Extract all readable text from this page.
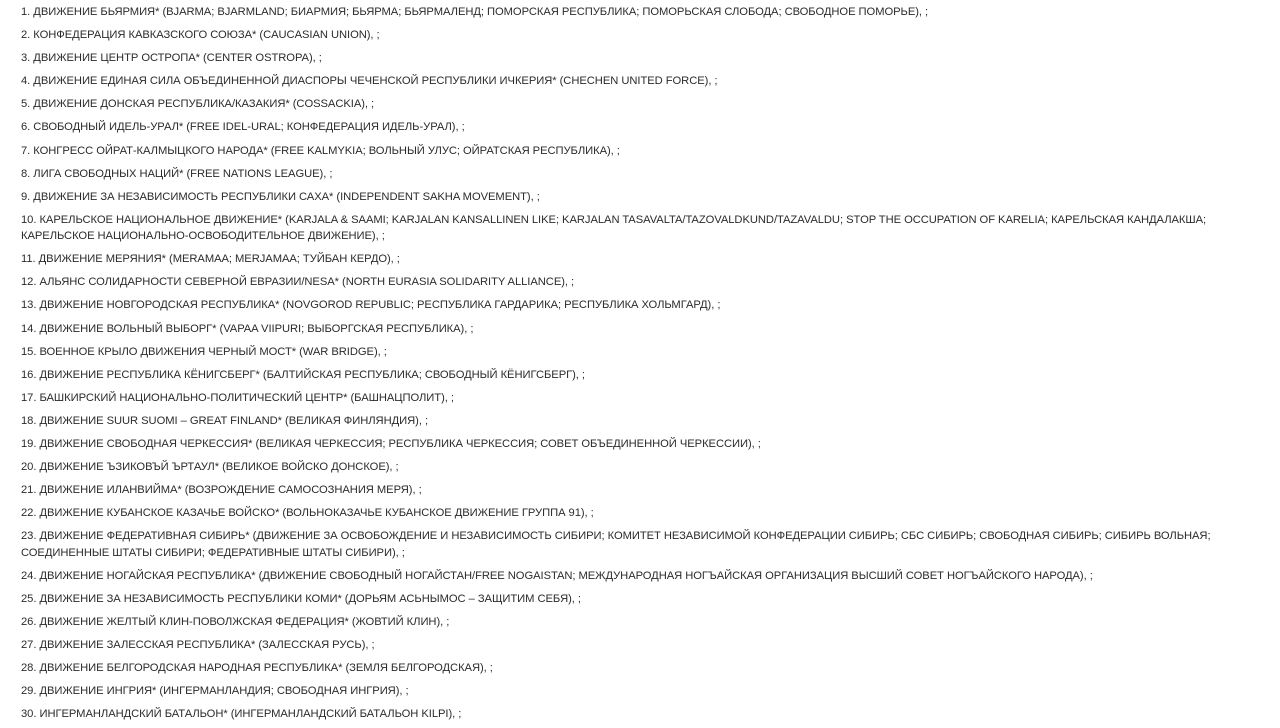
1. ДВИЖЕНИЕ БЬЯРМИЯ* (BJARMA; BJARMLAND; БИАРМИЯ; БЬЯРМА; БЬЯРМАЛЕНД; ПОМОРСКАЯ РЕСПУБЛИКА; ПОМОРЬСКАЯ СЛОБОДА; СВОБОДНОЕ ПОМОРЬЕ), ;
2. КОНФЕДЕРАЦИЯ КАВКАЗСКОГО СОЮЗА* (CAUCASIAN UNION), ;
3. ДВИЖЕНИЕ ЦЕНТР ОСТРОПА* (CENTER OSTROPA), ;
4. ДВИЖЕНИЕ ЕДИНАЯ СИЛА ОБЪЕДИНЕННОЙ ДИАСПОРЫ ЧЕЧЕНСКОЙ РЕСПУБЛИКИ ИЧКЕРИЯ* (CHECHEN UNITED FORCE), ;
5. ДВИЖЕНИЕ ДОНСКАЯ РЕСПУБЛИКА/КАЗАКИЯ* (COSSACKIA), ;
6. СВОБОДНЫЙ ИДЕЛЬ-УРАЛ* (FREE IDEL-URAL; КОНФЕДЕРАЦИЯ ИДЕЛЬ-УРАЛ), ;
7. КОНГРЕСС ОЙРАТ-КАЛМЫЦКОГО НАРОДА* (FREE KALMYKIA; ВОЛЬНЫЙ УЛУС; ОЙРАТСКАЯ РЕСПУБЛИКА), ;
8. ЛИГА СВОБОДНЫХ НАЦИЙ* (FREE NATIONS LEAGUE), ;
9. ДВИЖЕНИЕ ЗА НЕЗАВИСИМОСТЬ РЕСПУБЛИКИ САХА* (INDEPENDENT SAKHA MOVEMENT), ;
10. КАРЕЛЬСКОЕ НАЦИОНАЛЬНОЕ ДВИЖЕНИЕ* (KARJALA & SAAMI; KARJALAN KANSALLINEN LIKE; KARJALAN TASAVALTA/TAZOVALDKUND/TAZAVALDU; STOP THE OCCUPATION OF KARELIA; КАРЕЛЬСКАЯ КАНДАЛАКША; КАРЕЛЬСКОЕ НАЦИОНАЛЬНО-ОСВОБОДИТЕЛЬНОЕ ДВИЖЕНИЕ), ;
11. ДВИЖЕНИЕ МЕРЯНИЯ* (MERAMAA; MERJAMAA; ТУЙБАН КЕРДО), ;
12. АЛЬЯНС СОЛИДАРНОСТИ СЕВЕРНОЙ ЕВРАЗИИ/NESA* (NORTH EURASIA SOLIDARITY ALLIANCE), ;
13. ДВИЖЕНИЕ НОВГОРОДСКАЯ РЕСПУБЛИКА* (NOVGOROD REPUBLIC; РЕСПУБЛИКА ГАРДАРИКА; РЕСПУБЛИКА ХОЛЬМГАРД), ;
14. ДВИЖЕНИЕ ВОЛЬНЫЙ ВЫБОРГ* (VAPAA VIIPURI; ВЫБОРГСКАЯ РЕСПУБЛИКА), ;
15. ВОЕННОЕ КРЫЛО ДВИЖЕНИЯ ЧЕРНЫЙ МОСТ* (WAR BRIDGE), ;
16. ДВИЖЕНИЕ РЕСПУБЛИКА КЁНИГСБЕРГ* (БАЛТИЙСКАЯ РЕСПУБЛИКА; СВОБОДНЫЙ КЁНИГСБЕРГ), ;
17. БАШКИРСКИЙ НАЦИОНАЛЬНО-ПОЛИТИЧЕСКИЙ ЦЕНТР* (БАШНАЦПОЛИТ), ;
18. ДВИЖЕНИЕ SUUR SUOMI – GREAT FINLAND* (ВЕЛИКАЯ ФИНЛЯНДИЯ), ;
19. ДВИЖЕНИЕ СВОБОДНАЯ ЧЕРКЕССИЯ* (ВЕЛИКАЯ ЧЕРКЕССИЯ; РЕСПУБЛИКА ЧЕРКЕССИЯ; СОВЕТ ОБЪЕДИНЕННОЙ ЧЕРКЕССИИ), ;
20. ДВИЖЕНИЕ ЪЗИКОВЪЙ ЪРТАУЛ* (ВЕЛИКОЕ ВОЙСКО ДОНСКОЕ), ;
21. ДВИЖЕНИЕ ИЛАНВИЙМА* (ВОЗРОЖДЕНИЕ САМОСОЗНАНИЯ МЕРЯ), ;
22. ДВИЖЕНИЕ КУБАНСКОЕ КАЗАЧЬЕ ВОЙСКО* (ВОЛЬНОКАЗАЧЬЕ КУБАНСКОЕ ДВИЖЕНИЕ ГРУППА 91), ;
23. ДВИЖЕНИЕ ФЕДЕРАТИВНАЯ СИБИРЬ* (ДВИЖЕНИЕ ЗА ОСВОБОЖДЕНИЕ И НЕЗАВИСИМОСТЬ СИБИРИ; КОМИТЕТ НЕЗАВИСИМОЙ КОНФЕДЕРАЦИИ СИБИРЬ; СБС СИБИРЬ; СВОБОДНАЯ СИБИРЬ; СИБИРЬ ВОЛЬНАЯ; СОЕДИНЕННЫЕ ШТАТЫ СИБИРИ; ФЕДЕРАТИВНЫЕ ШТАТЫ СИБИРИ), ;
24. ДВИЖЕНИЕ НОГАЙСКАЯ РЕСПУБЛИКА* (ДВИЖЕНИЕ СВОБОДНЫЙ НОГАЙСТАН/FREE NOGAISTAN; МЕЖДУНАРОДНАЯ НОГЪАЙСКАЯ ОРГАНИЗАЦИЯ ВЫСШИЙ СОВЕТ НОГЪАЙСКОГО НАРОДА), ;
25. ДВИЖЕНИЕ ЗА НЕЗАВИСИМОСТЬ РЕСПУБЛИКИ КОМИ* (ДОРЬЯМ АСЬНЫМОС – ЗАЩИТИМ СЕБЯ), ;
26. ДВИЖЕНИЕ ЖЕЛТЫЙ КЛИН-ПОВОЛЖСКАЯ ФЕДЕРАЦИЯ* (ЖОВТИЙ КЛИН), ;
27. ДВИЖЕНИЕ ЗАЛЕССКАЯ РЕСПУБЛИКА* (ЗАЛЕССКАЯ РУСЬ), ;
28. ДВИЖЕНИЕ БЕЛГОРОДСКАЯ НАРОДНАЯ РЕСПУБЛИКА* (ЗЕМЛЯ БЕЛГОРОДСКАЯ), ;
29. ДВИЖЕНИЕ ИНГРИЯ* (ИНГЕРМАНЛАНДИЯ; СВОБОДНАЯ ИНГРИЯ), ;
30. ИНГЕРМАНЛАНДСКИЙ БАТАЛЬОН* (ИНГЕРМАНЛАНДСКИЙ БАТАЛЬОН KILPI), ;
